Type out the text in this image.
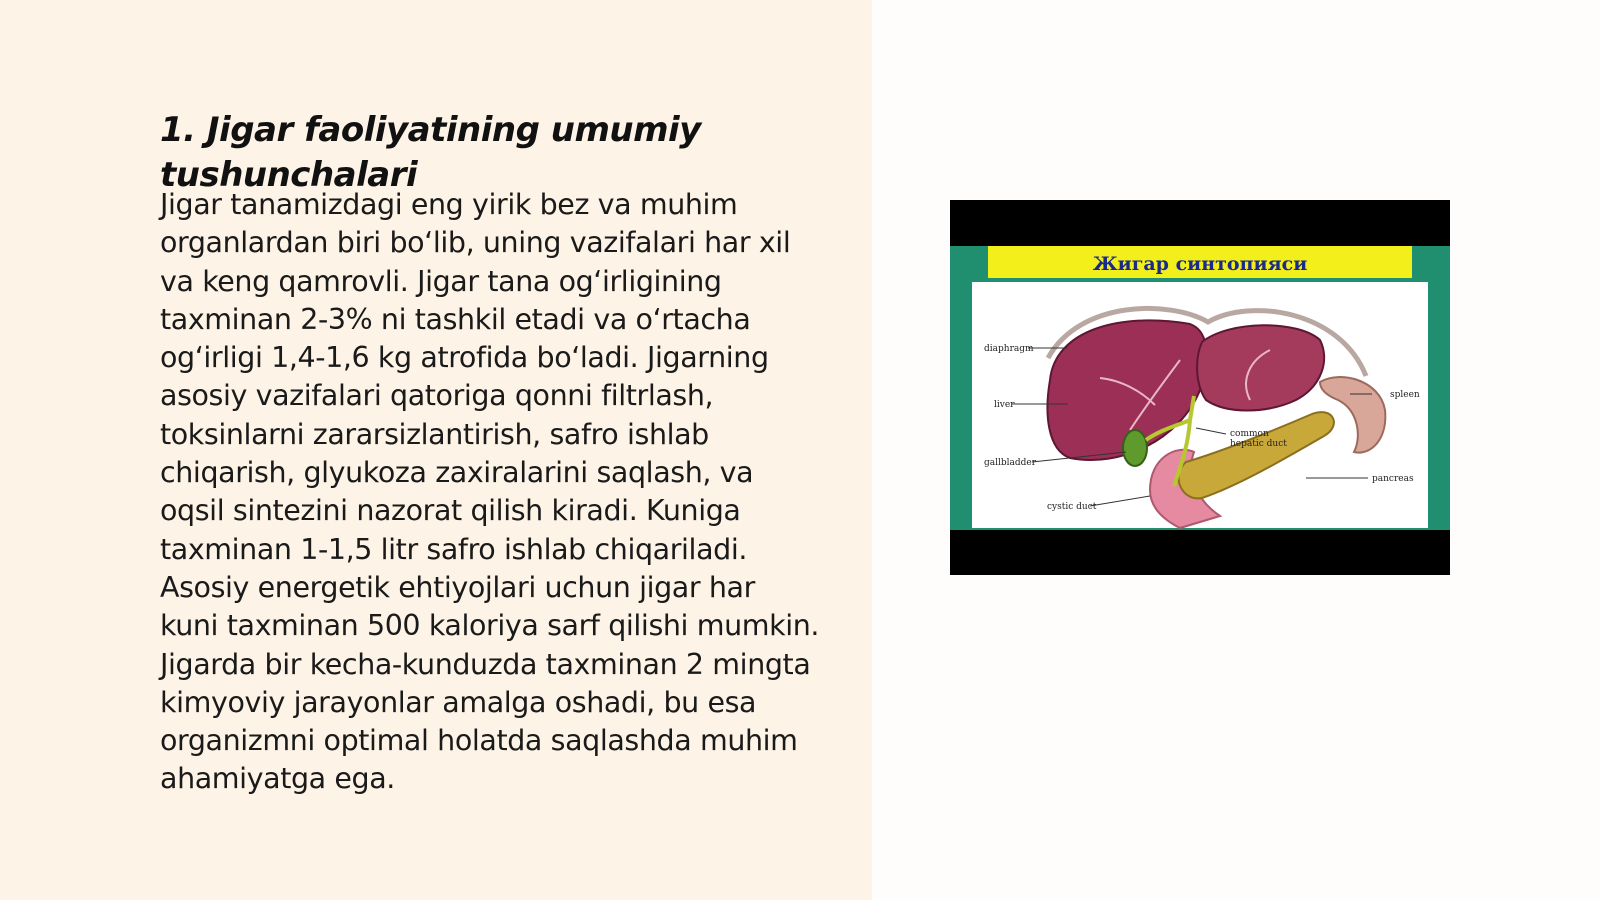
1. Jigar faoliyatining umumiy tushunchalari

Jigar tanamizdagi eng yirik bez va muhim organlardan biri bo‘lib, uning vazifalari har xil va keng qamrovli. Jigar tana og‘irligining taxminan 2-3% ni tashkil etadi va o‘rtacha og‘irligi 1,4-1,6 kg atrofida bo‘ladi. Jigarning asosiy vazifalari qatoriga qonni filtrlash, toksinlarni zararsizlantirish, safro ishlab chiqarish, glyukoza zaxiralarini saqlash, va oqsil sintezini nazorat qilish kiradi. Kuniga taxminan 1-1,5 litr safro ishlab chiqariladi. Asosiy energetik ehtiyojlari uchun jigar har kuni taxminan 500 kaloriya sarf qilishi mumkin. Jigarda bir kecha-kunduzda taxminan 2 mingta kimyoviy jarayonlar amalga oshadi, bu esa organizmni optimal holatda saqlashda muhim ahamiyatga ega.

Жигар синтопияси
diaphragm
liver
gallbladder
cystic duct
common
hepatic duct
spleen
pancreas
